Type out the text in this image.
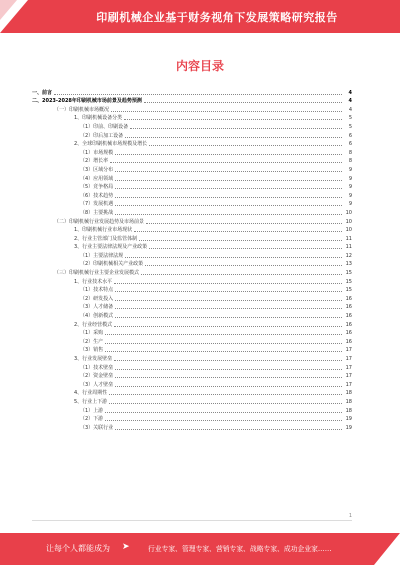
印刷机械企业基于财务视角下发展策略研究报告
内容目录
一、前言	4
二、2023-2028年印刷机械市场前景及趋势预测	4
（一）印刷机械市场概况	4
1、印刷机械设备分类	5
（1）印前、印刷设备	5
（2）印后加工设备	6
2、全球印刷机械市场规模及增长	6
（1）市场规模	8
（2）增长率	8
（3）区域分布	9
（4）应用领域	9
（5）竞争格局	9
（6）技术趋势	9
（7）发展机遇	9
（8）主要挑战	10
（二）印刷机械行业发展趋势及市场前景	10
1、印刷机械行业市场现状	10
2、行业主管部门及监管体制	11
3、行业主要法律法规及产业政策	11
（1）主要法律法规	12
（2）印刷机械相关产业政策	13
（三）印刷机械行业主要企业发展模式	15
1、行业技术水平	15
（1）技术特点	15
（2）研发投入	16
（3）人才储备	16
（4）创新模式	16
2、行业经营模式	16
（1）采购	16
（2）生产	16
（3）销售	17
3、行业发展壁垒	17
（1）技术壁垒	17
（2）资金壁垒	17
（3）人才壁垒	17
4、行业周期性	18
5、行业上下游	18
（1）上游	18
（2）下游	19
（3）关联行业	19
1
让每个人都能成为 ➤	行业专家、管理专家、营销专家、战略专家、成功企业家……
